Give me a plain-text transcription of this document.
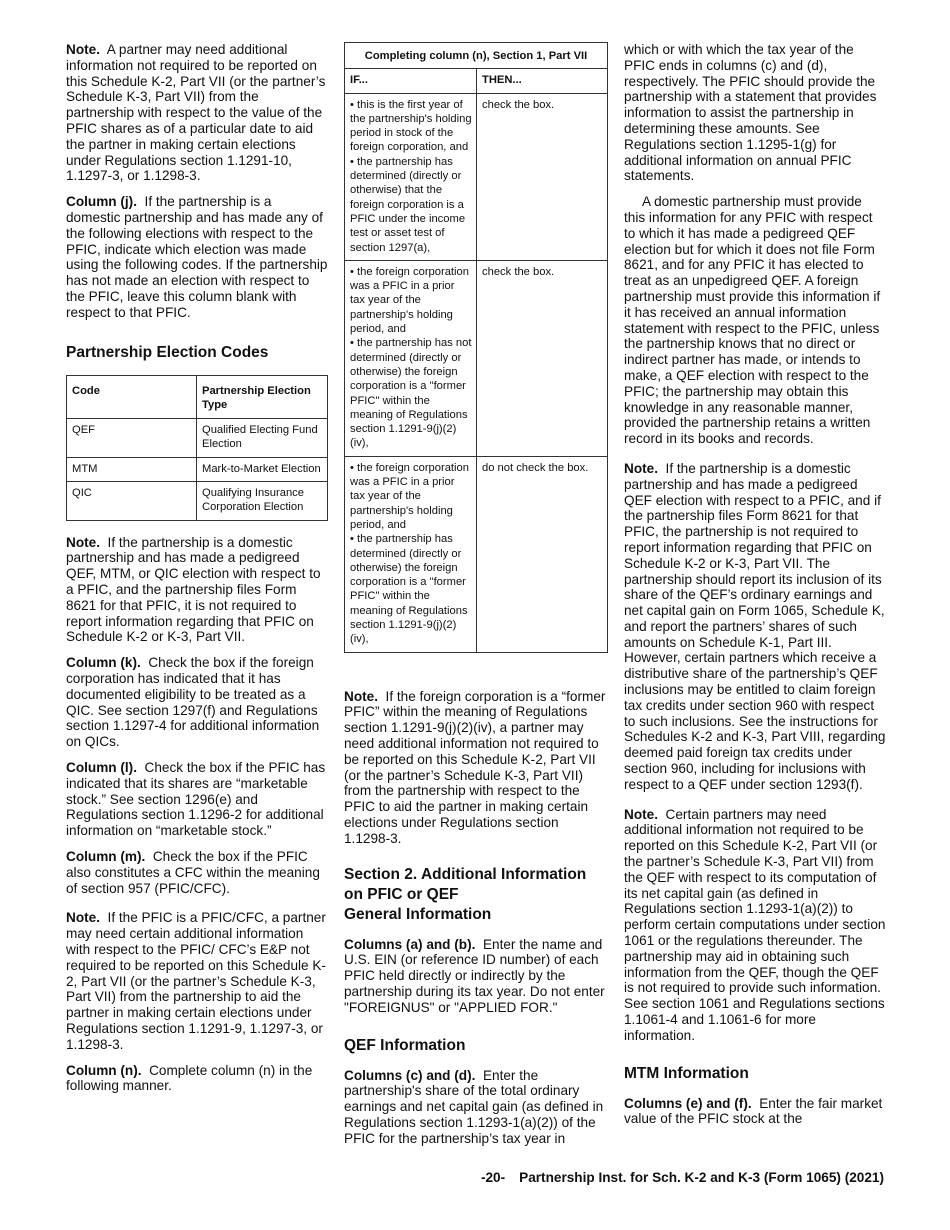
Note. A partner may need additional information not required to be reported on this Schedule K-2, Part VII (or the partner’s Schedule K-3, Part VII) from the partnership with respect to the value of the PFIC shares as of a particular date to aid the partner in making certain elections under Regulations section 1.1291-10, 1.1297-3, or 1.1298-3.

Column (j). If the partnership is a domestic partnership and has made any of the following elections with respect to the PFIC, indicate which election was made using the following codes. If the partnership has not made an election with respect to the PFIC, leave this column blank with respect to that PFIC.

Partnership Election Codes
Code	Partnership Election Type
QEF	Qualified Electing Fund Election
MTM	Mark-to-Market Election
QIC	Qualifying Insurance Corporation Election

Note. If the partnership is a domestic partnership and has made a pedigreed QEF, MTM, or QIC election with respect to a PFIC, and the partnership files Form 8621 for that PFIC, it is not required to report information regarding that PFIC on Schedule K-2 or K-3, Part VII.

Column (k). Check the box if the foreign corporation has indicated that it has documented eligibility to be treated as a QIC. See section 1297(f) and Regulations section 1.1297-4 for additional information on QICs.

Column (l). Check the box if the PFIC has indicated that its shares are “marketable stock.” See section 1296(e) and Regulations section 1.1296-2 for additional information on “marketable stock.”

Column (m). Check the box if the PFIC also constitutes a CFC within the meaning of section 957 (PFIC/CFC).

Note. If the PFIC is a PFIC/CFC, a partner may need certain additional information with respect to the PFIC/ CFC’s E&P not required to be reported on this Schedule K-2, Part VII (or the partner’s Schedule K-3, Part VII) from the partnership to aid the partner in making certain elections under Regulations section 1.1291-9, 1.1297-3, or 1.1298-3.

Column (n). Complete column (n) in the following manner.

Completing column (n), Section 1, Part VII	
IF...	THEN...

• this is the first year of the partnership's holding period in stock of the foreign corporation, and
• the partnership has determined (directly or otherwise) that the foreign corporation is a PFIC under the income test or asset test of section 1297(a),	check the box.

• the foreign corporation was a PFIC in a prior tax year of the partnership's holding period, and
• the partnership has not determined (directly or otherwise) the foreign corporation is a "former PFIC" within the meaning of Regulations section 1.1291-9(j)(2)(iv),	check the box.

• the foreign corporation was a PFIC in a prior tax year of the partnership's holding period, and
• the partnership has determined (directly or otherwise) the foreign corporation is a "former PFIC" within the meaning of Regulations section 1.1291-9(j)(2)(iv),	do not check the box.

Note. If the foreign corporation is a “former PFIC” within the meaning of Regulations section 1.1291-9(j)(2)(iv), a partner may need additional information not required to be reported on this Schedule K-2, Part VII (or the partner’s Schedule K-3, Part VII) from the partnership with respect to the PFIC to aid the partner in making certain elections under Regulations section 1.1298-3.

Section 2. Additional Information on PFIC or QEF
General Information

Columns (a) and (b). Enter the name and U.S. EIN (or reference ID number) of each PFIC held directly or indirectly by the partnership during its tax year. Do not enter "FOREIGNUS" or "APPLIED FOR."

QEF Information

Columns (c) and (d). Enter the partnership's share of the total ordinary earnings and net capital gain (as defined in Regulations section 1.1293-1(a)(2)) of the PFIC for the partnership’s tax year in

which or with which the tax year of the PFIC ends in columns (c) and (d), respectively. The PFIC should provide the partnership with a statement that provides information to assist the partnership in determining these amounts. See Regulations section 1.1295-1(g) for additional information on annual PFIC statements.

A domestic partnership must provide this information for any PFIC with respect to which it has made a pedigreed QEF election but for which it does not file Form 8621, and for any PFIC it has elected to treat as an unpedigreed QEF. A foreign partnership must provide this information if it has received an annual information statement with respect to the PFIC, unless the partnership knows that no direct or indirect partner has made, or intends to make, a QEF election with respect to the PFIC; the partnership may obtain this knowledge in any reasonable manner, provided the partnership retains a written record in its books and records.

Note. If the partnership is a domestic partnership and has made a pedigreed QEF election with respect to a PFIC, and if the partnership files Form 8621 for that PFIC, the partnership is not required to report information regarding that PFIC on Schedule K-2 or K-3, Part VII. The partnership should report its inclusion of its share of the QEF’s ordinary earnings and net capital gain on Form 1065, Schedule K, and report the partners’ shares of such amounts on Schedule K-1, Part III. However, certain partners which receive a distributive share of the partnership’s QEF inclusions may be entitled to claim foreign tax credits under section 960 with respect to such inclusions. See the instructions for Schedules K-2 and K-3, Part VIII, regarding deemed paid foreign tax credits under section 960, including for inclusions with respect to a QEF under section 1293(f).

Note. Certain partners may need additional information not required to be reported on this Schedule K-2, Part VII (or the partner’s Schedule K-3, Part VII) from the QEF with respect to its computation of its net capital gain (as defined in Regulations section 1.1293-1(a)(2)) to perform certain computations under section 1061 or the regulations thereunder. The partnership may aid in obtaining such information from the QEF, though the QEF is not required to provide such information. See section 1061 and Regulations sections 1.1061-4 and 1.1061-6 for more information.

MTM Information

Columns (e) and (f). Enter the fair market value of the PFIC stock at the

-20- Partnership Inst. for Sch. K-2 and K-3 (Form 1065) (2021)
